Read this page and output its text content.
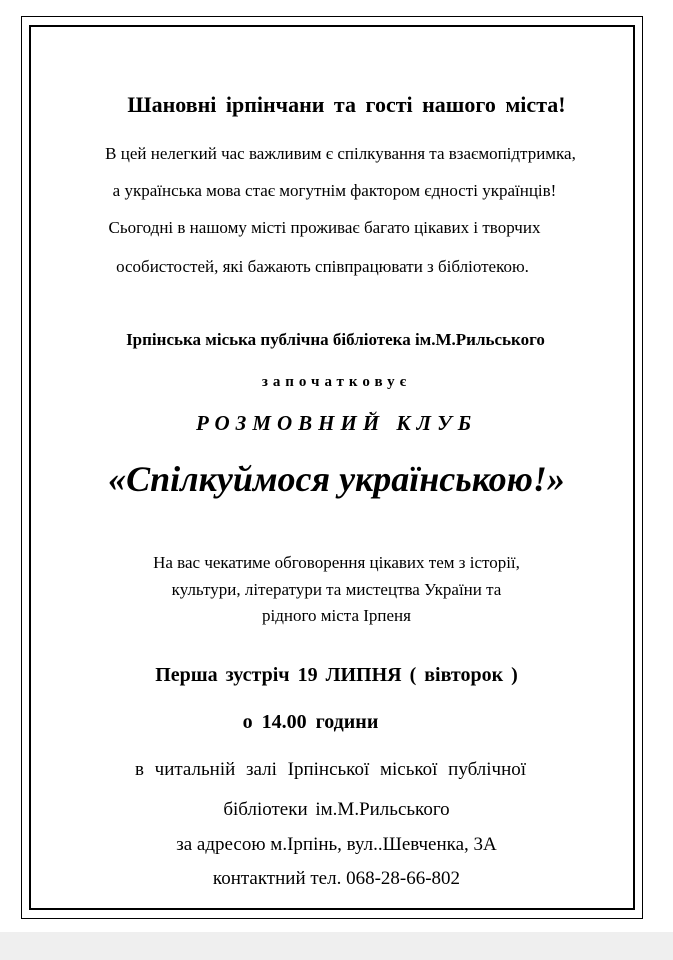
Шановні ірпінчани та гості нашого міста!

В цей нелегкий час важливим є спілкування та взаємопідтримка,

а українська мова стає могутнім фактором єдності українців!

Сьогодні в нашому місті проживає багато цікавих і творчих

особистостей, які бажають співпрацювати з бібліотекою.

Ірпінська міська публічна бібліотека ім.М.Рильського

започатковує

РОЗМОВНИЙ КЛУБ

«Спілкуймося українською!»

На вас чекатиме обговорення цікавих тем з історії,

культури, літератури та мистецтва України та

рідного міста Ірпеня

Перша зустріч 19 ЛИПНЯ ( вівторок )

о 14.00 години

в читальній залі Ірпінської міської публічної

бібліотеки ім.М.Рильського

за адресою м.Ірпінь, вул..Шевченка, 3А

контактний тел. 068-28-66-802
